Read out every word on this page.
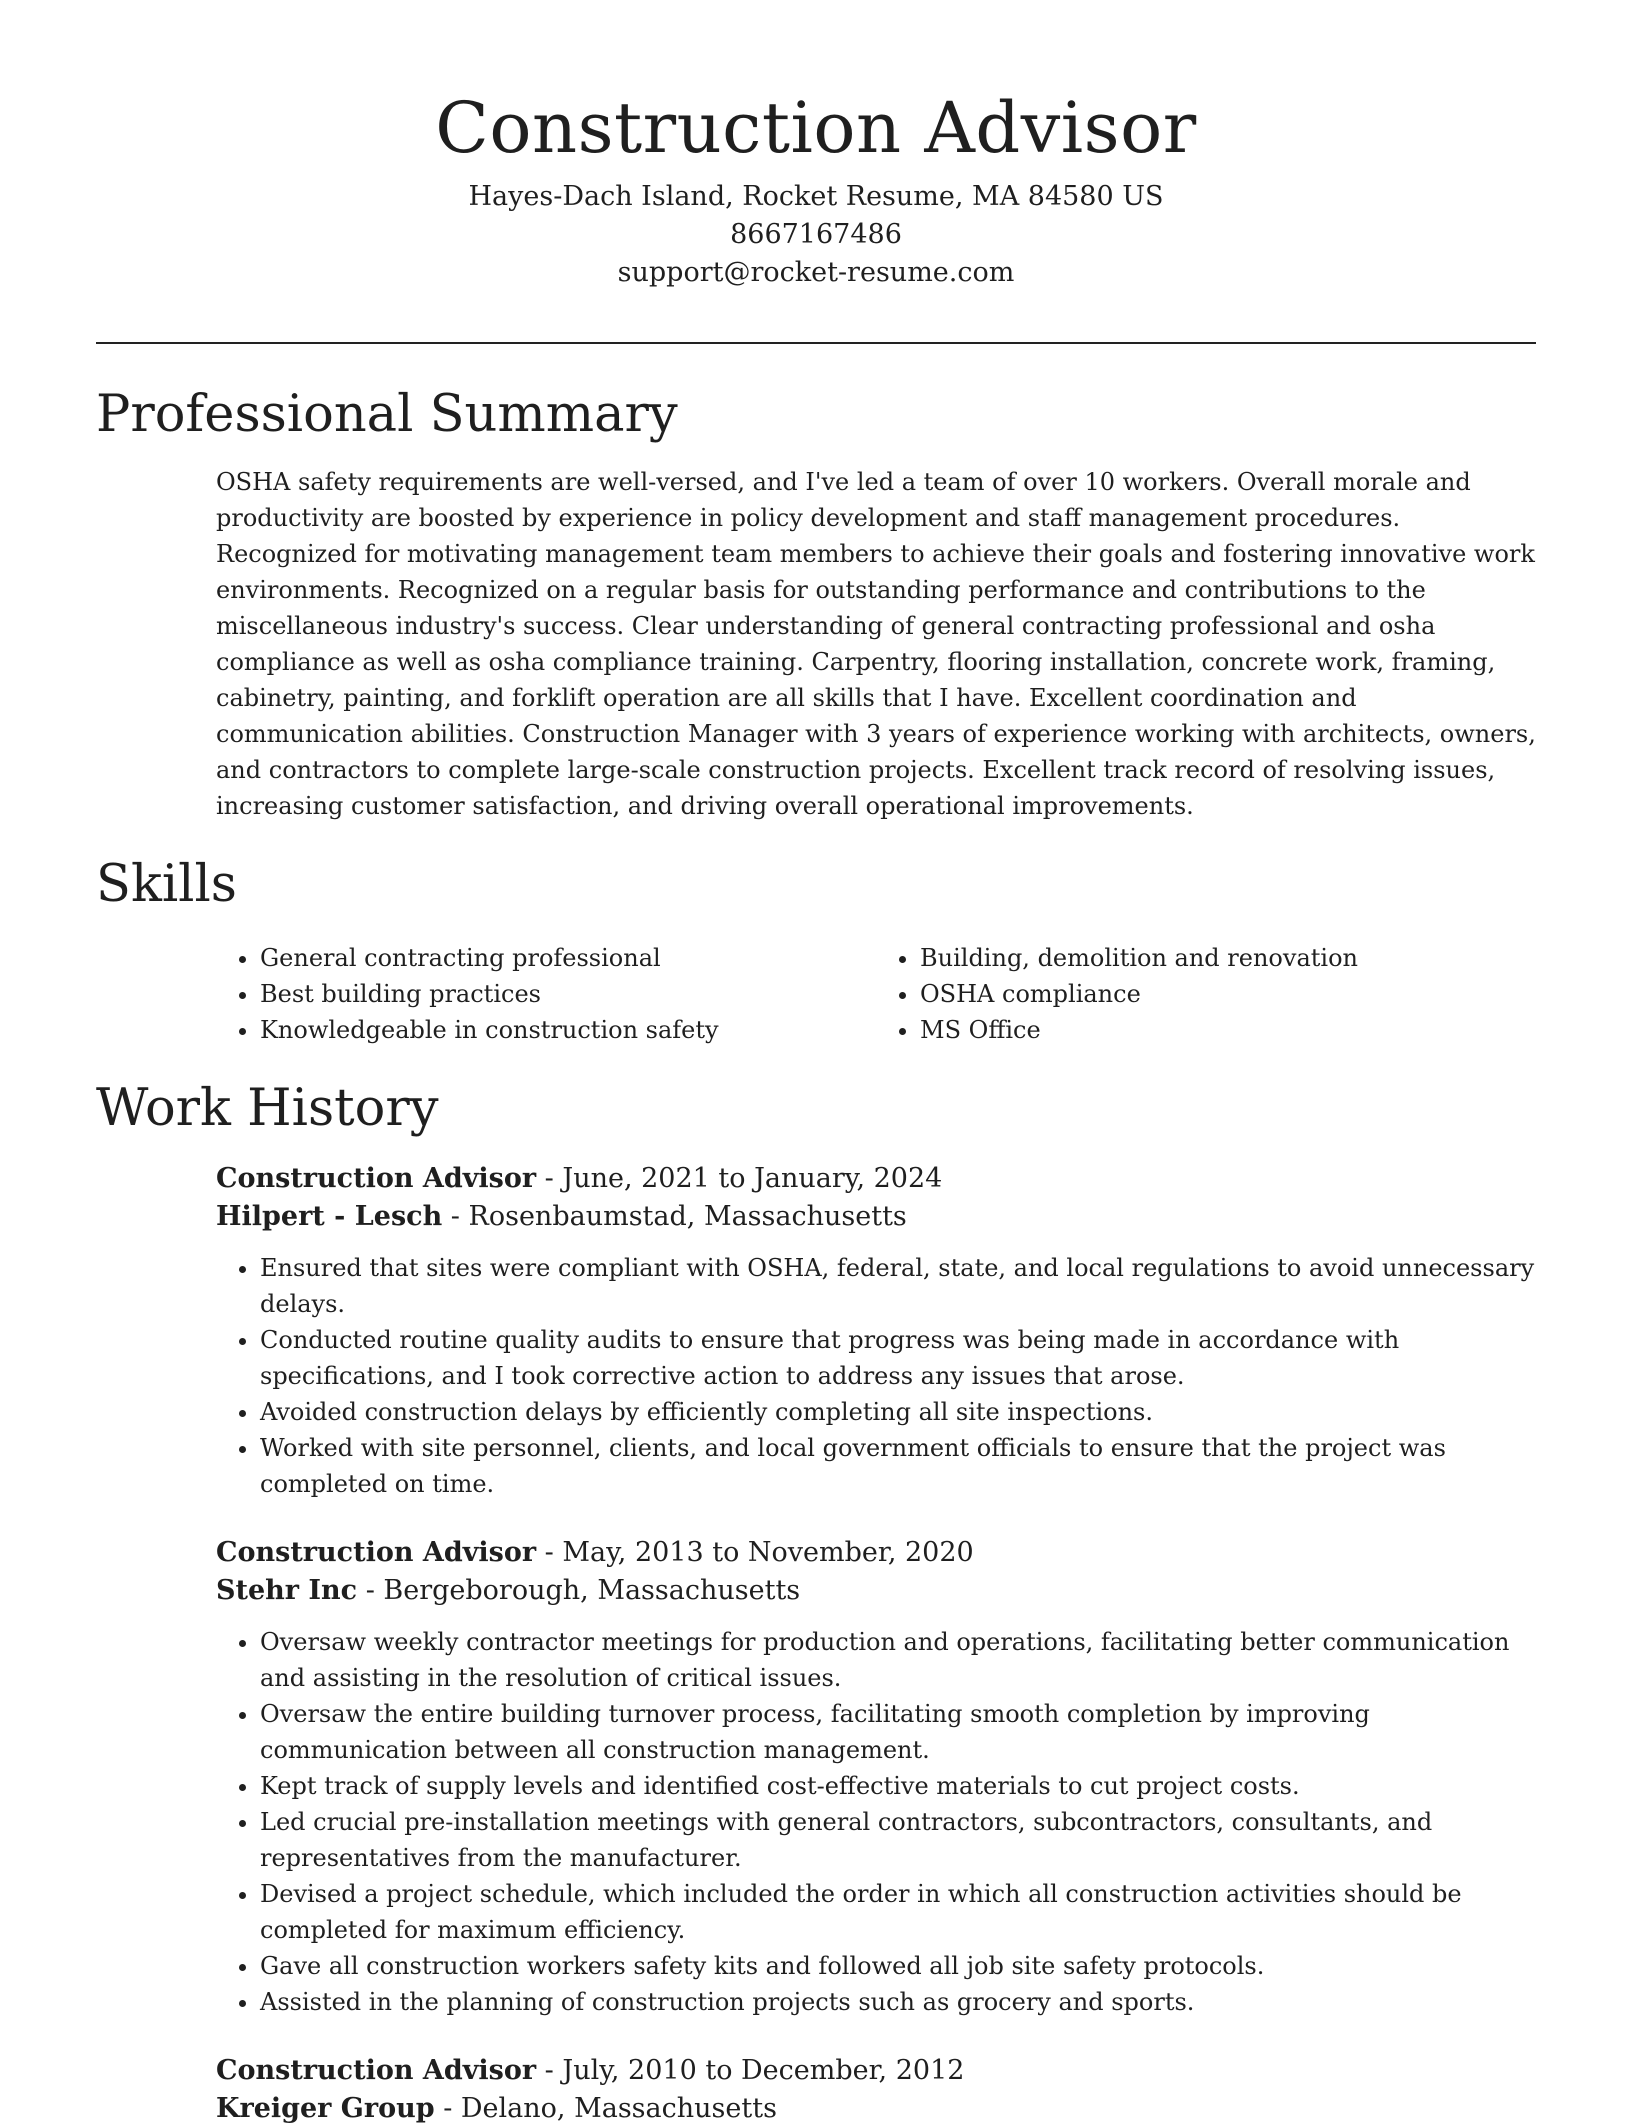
Construction Advisor
Hayes-Dach Island, Rocket Resume, MA 84580 US
8667167486
support@rocket-resume.com
Professional Summary
OSHA safety requirements are well-versed, and I've led a team of over 10 workers. Overall morale and productivity are boosted by experience in policy development and staff management procedures. Recognized for motivating management team members to achieve their goals and fostering innovative work environments. Recognized on a regular basis for outstanding performance and contributions to the miscellaneous industry's success. Clear understanding of general contracting professional and osha compliance as well as osha compliance training. Carpentry, flooring installation, concrete work, framing, cabinetry, painting, and forklift operation are all skills that I have. Excellent coordination and communication abilities. Construction Manager with 3 years of experience working with architects, owners, and contractors to complete large-scale construction projects. Excellent track record of resolving issues, increasing customer satisfaction, and driving overall operational improvements.
Skills
• General contracting professional
• Best building practices
• Knowledgeable in construction safety
• Building, demolition and renovation
• OSHA compliance
• MS Office
Work History
Construction Advisor - June, 2021 to January, 2024
Hilpert - Lesch - Rosenbaumstad, Massachusetts
• Ensured that sites were compliant with OSHA, federal, state, and local regulations to avoid unnecessary delays.
• Conducted routine quality audits to ensure that progress was being made in accordance with specifications, and I took corrective action to address any issues that arose.
• Avoided construction delays by efficiently completing all site inspections.
• Worked with site personnel, clients, and local government officials to ensure that the project was completed on time.
Construction Advisor - May, 2013 to November, 2020
Stehr Inc - Bergeborough, Massachusetts
• Oversaw weekly contractor meetings for production and operations, facilitating better communication and assisting in the resolution of critical issues.
• Oversaw the entire building turnover process, facilitating smooth completion by improving communication between all construction management.
• Kept track of supply levels and identified cost-effective materials to cut project costs.
• Led crucial pre-installation meetings with general contractors, subcontractors, consultants, and representatives from the manufacturer.
• Devised a project schedule, which included the order in which all construction activities should be completed for maximum efficiency.
• Gave all construction workers safety kits and followed all job site safety protocols.
• Assisted in the planning of construction projects such as grocery and sports.
Construction Advisor - July, 2010 to December, 2012
Kreiger Group - Delano, Massachusetts
